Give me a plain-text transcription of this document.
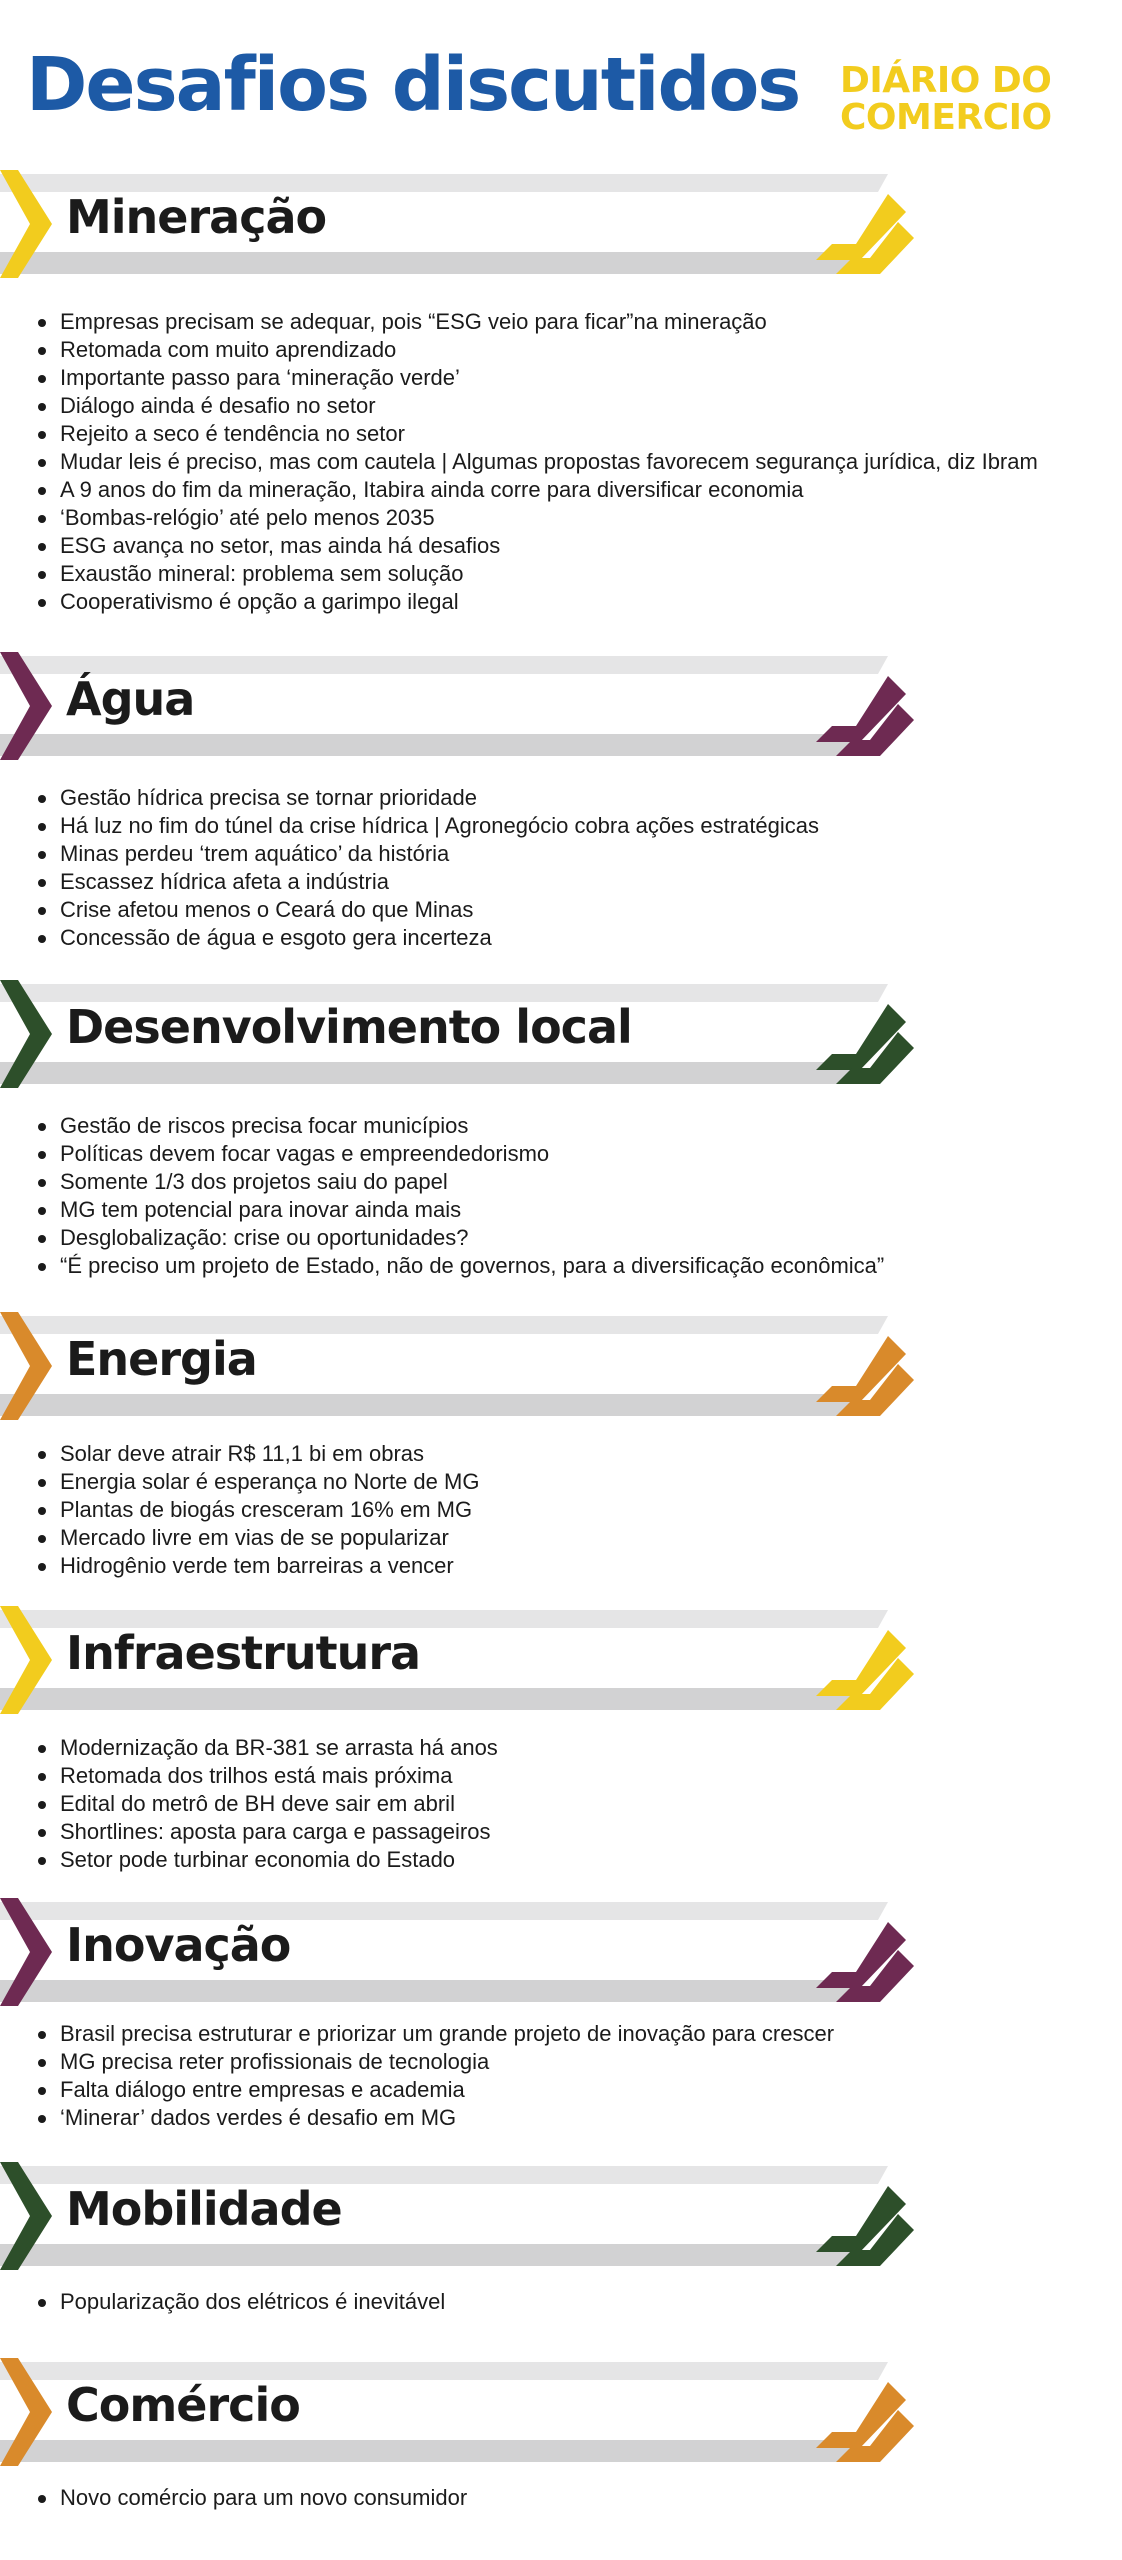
Desafios discutidos DIÁRIO DO
COMERCIO
Mineração
Empresas precisam se adequar, pois “ESG veio para ficar”na mineração
Retomada com muito aprendizado
Importante passo para ‘mineração verde’
Diálogo ainda é desafio no setor
Rejeito a seco é tendência no setor
Mudar leis é preciso, mas com cautela | Algumas propostas favorecem segurança jurídica, diz Ibram
A 9 anos do fim da mineração, Itabira ainda corre para diversificar economia
‘Bombas-relógio’ até pelo menos 2035
ESG avança no setor, mas ainda há desafios
Exaustão mineral: problema sem solução
Cooperativismo é opção a garimpo ilegal
Água
Gestão hídrica precisa se tornar prioridade
Há luz no fim do túnel da crise hídrica | Agronegócio cobra ações estratégicas
Minas perdeu ‘trem aquático’ da história
Escassez hídrica afeta a indústria
Crise afetou menos o Ceará do que Minas
Concessão de água e esgoto gera incerteza
Desenvolvimento local
Gestão de riscos precisa focar municípios
Políticas devem focar vagas e empreendedorismo
Somente 1/3 dos projetos saiu do papel
MG tem potencial para inovar ainda mais
Desglobalização: crise ou oportunidades?
“É preciso um projeto de Estado, não de governos, para a diversificação econômica”
Energia
Solar deve atrair R$ 11,1 bi em obras
Energia solar é esperança no Norte de MG
Plantas de biogás cresceram 16% em MG
Mercado livre em vias de se popularizar
Hidrogênio verde tem barreiras a vencer
Infraestrutura
Modernização da BR-381 se arrasta há anos
Retomada dos trilhos está mais próxima
Edital do metrô de BH deve sair em abril
Shortlines: aposta para carga e passageiros
Setor pode turbinar economia do Estado
Inovação
Brasil precisa estruturar e priorizar um grande projeto de inovação para crescer
MG precisa reter profissionais de tecnologia
Falta diálogo entre empresas e academia
‘Minerar’ dados verdes é desafio em MG
Mobilidade
Popularização dos elétricos é inevitável
Comércio
Novo comércio para um novo consumidor
